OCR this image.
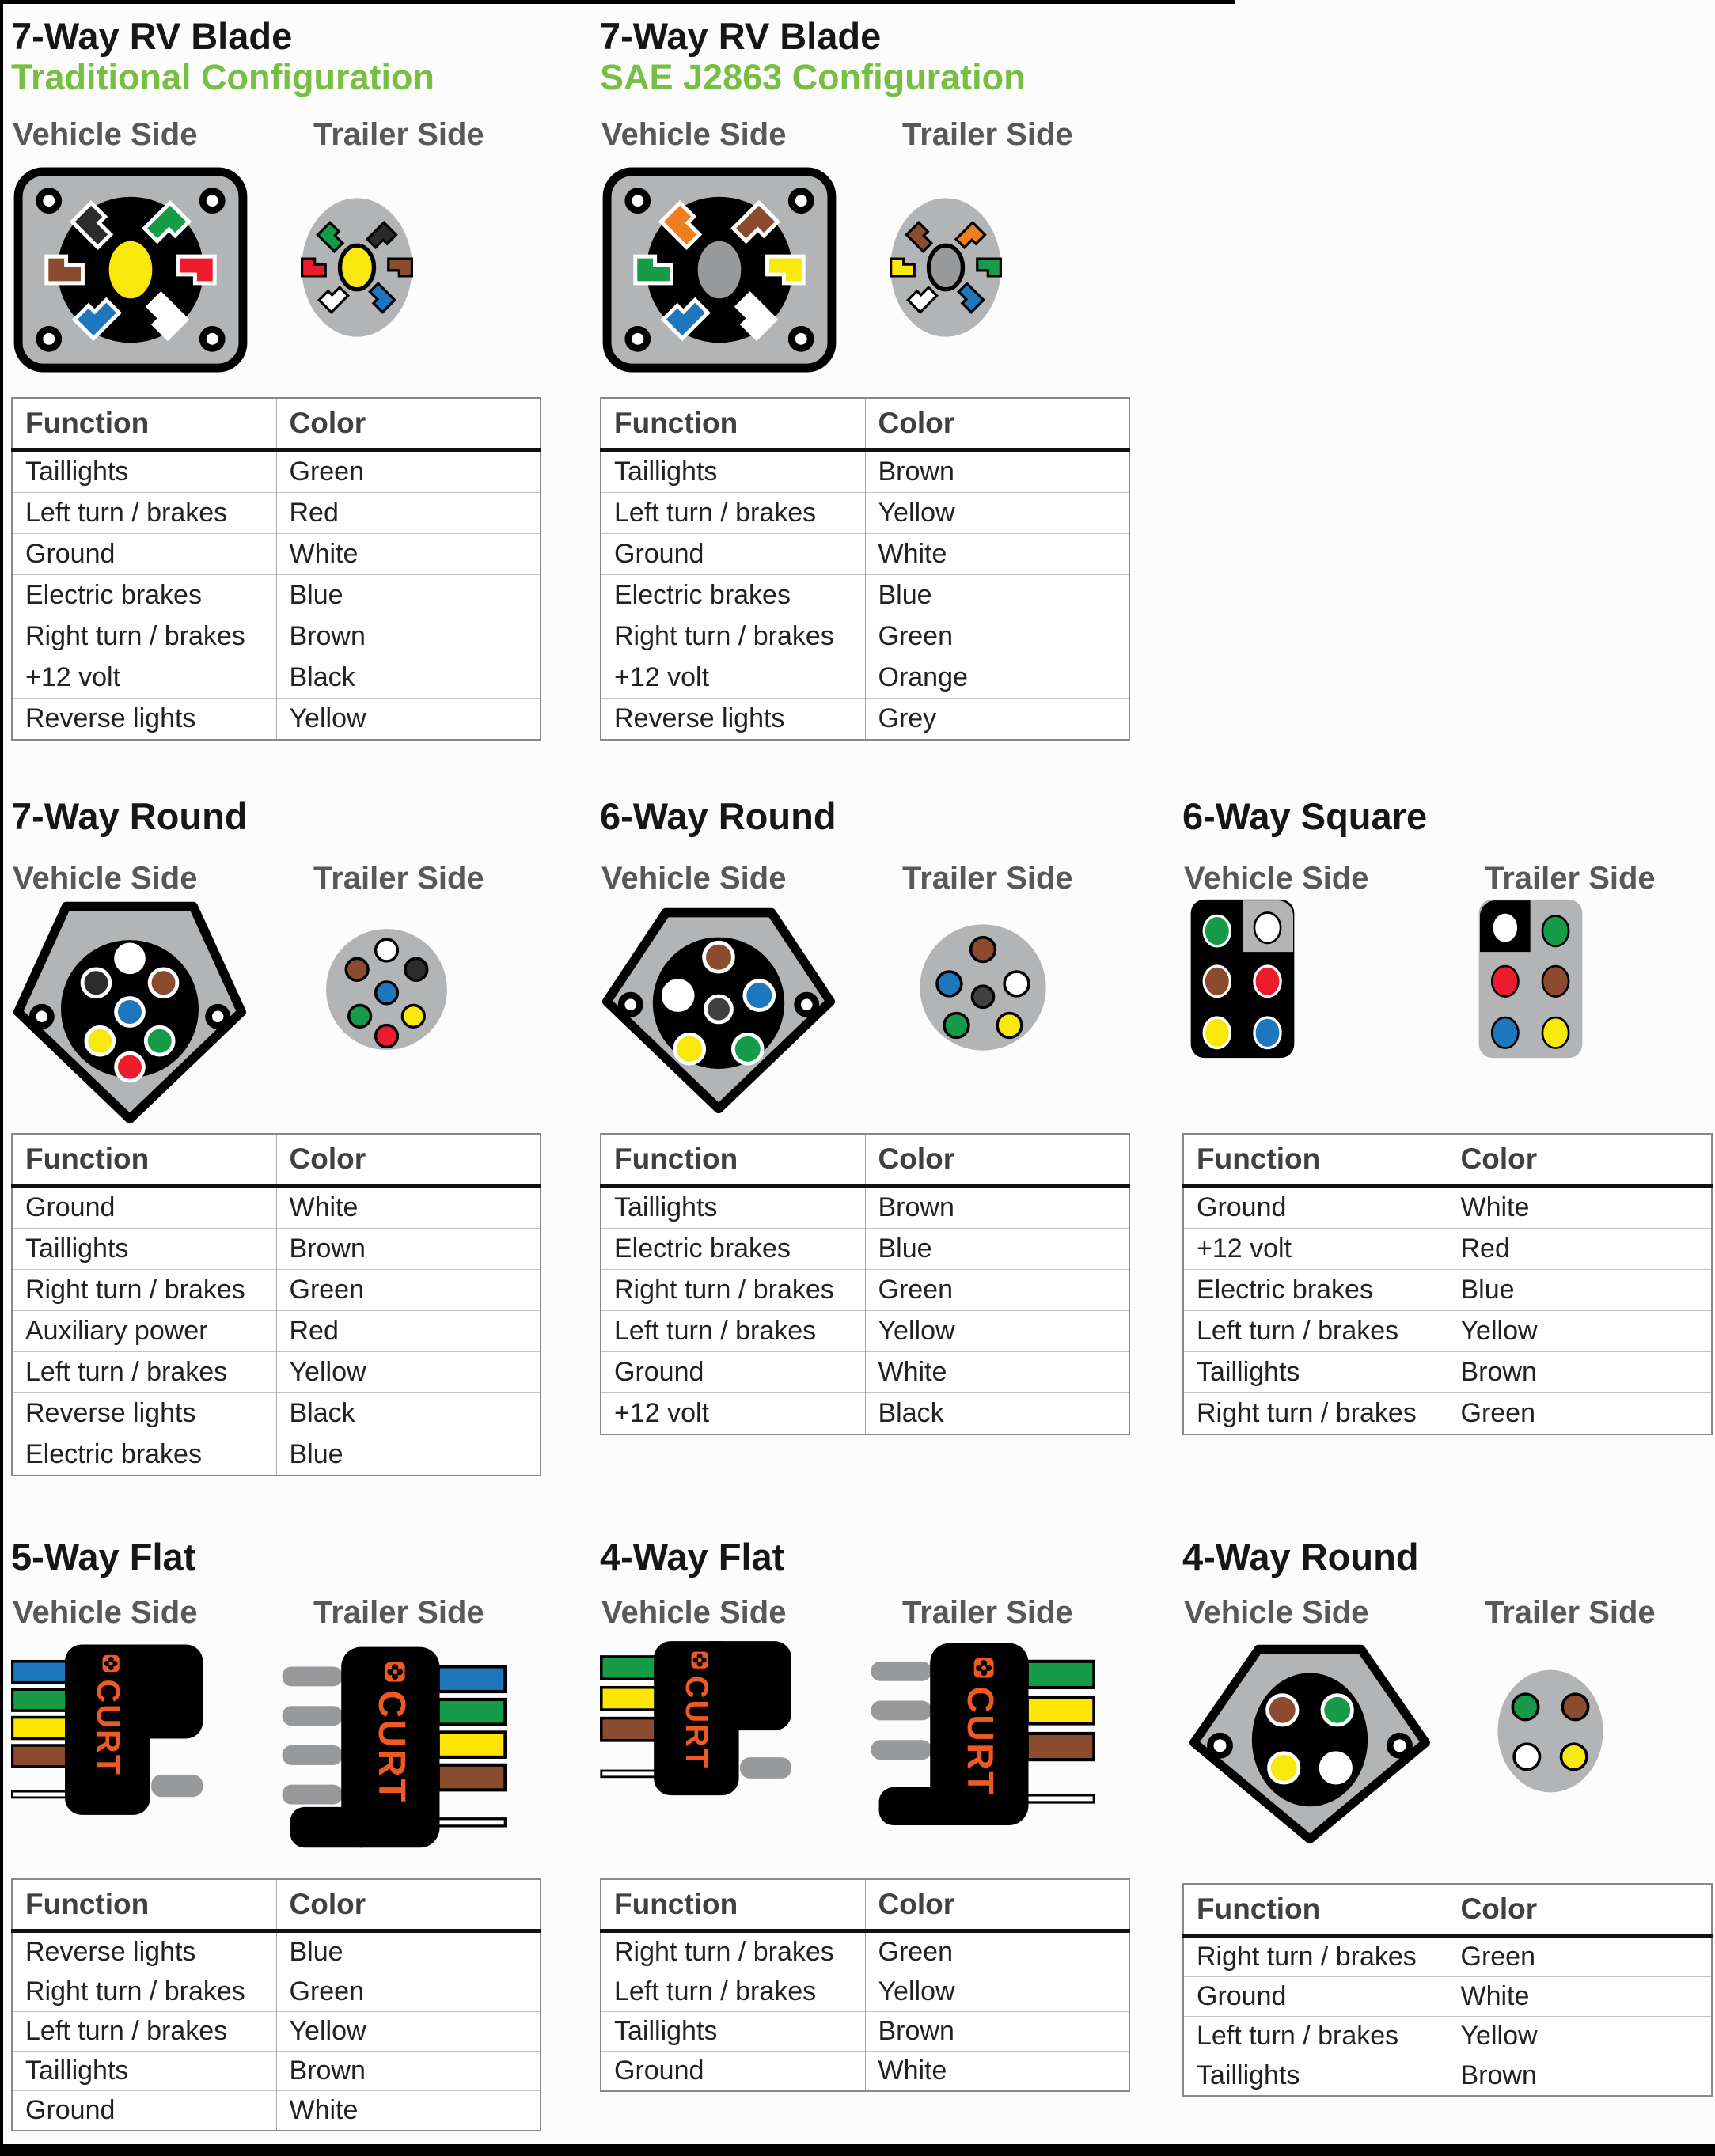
7-Way RV Blade
Traditional Configuration
Vehicle Side	Trailer Side
Function	Color
Taillights	Green
Left turn / brakes	Red
Ground	White
Electric brakes	Blue
Right turn / brakes	Brown
+12 volt	Black
Reverse lights	Yellow
7-Way RV Blade
SAE J2863 Configuration
Vehicle Side	Trailer Side
Function	Color
Taillights	Brown
Left turn / brakes	Yellow
Ground	White
Electric brakes	Blue
Right turn / brakes	Green
+12 volt	Orange
Reverse lights	Grey
7-Way Round
Vehicle Side	Trailer Side
Function	Color
Ground	White
Taillights	Brown
Right turn / brakes	Green
Auxiliary power	Red
Left turn / brakes	Yellow
Reverse lights	Black
Electric brakes	Blue
6-Way Round
Vehicle Side	Trailer Side
Function	Color
Taillights	Brown
Electric brakes	Blue
Right turn / brakes	Green
Left turn / brakes	Yellow
Ground	White
+12 volt	Black
6-Way Square
Vehicle Side	Trailer Side
Function	Color
Ground	White
+12 volt	Red
Electric brakes	Blue
Left turn / brakes	Yellow
Taillights	Brown
Right turn / brakes	Green
5-Way Flat
Vehicle Side	Trailer Side
CURT	CURT
Function	Color
Reverse lights	Blue
Right turn / brakes	Green
Left turn / brakes	Yellow
Taillights	Brown
Ground	White
4-Way Flat
Vehicle Side	Trailer Side
CURT	CURT
Function	Color
Right turn / brakes	Green
Left turn / brakes	Yellow
Taillights	Brown
Ground	White
4-Way Round
Vehicle Side	Trailer Side
Function	Color
Right turn / brakes	Green
Ground	White
Left turn / brakes	Yellow
Taillights	Brown
